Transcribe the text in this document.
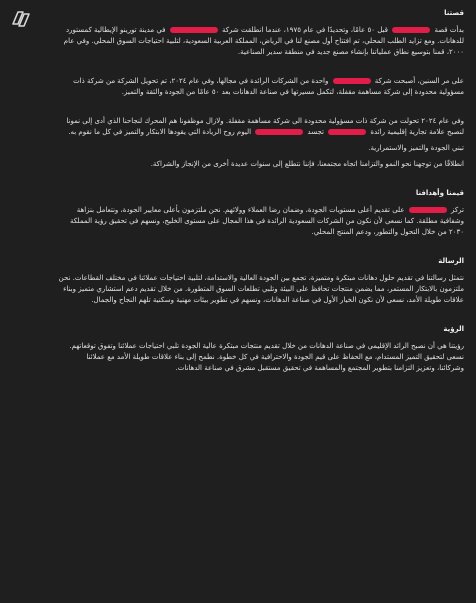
قصتنا
بدأت قصة  قبل ٥٠ عامًا، وتحديدًا في عام ١٩٧٥، عندما انطلقت شركة  في مدينة تورينو الإيطالية كمستورد للدهانات. ومع تزايد الطلب المحلي، تم افتتاح أول مصنع لنا في الرياض، المملكة العربية السعودية، لتلبية احتياجات السوق المحلي. وفي عام ٢٠٠٠، قمنا بتوسيع نطاق عملياتنا بإنشاء مصنع جديد في منطقة سدير الصناعية.
على مر السنين، أصبحت شركة  واحدة من الشركات الرائدة في مجالها، وفي عام ٢٠٢٤، تم تحويل الشركة من شركة ذات مسؤولية محدودة إلى شركة مساهمة مقفلة، لتكمل مسيرتها في صناعة الدهانات بعد ٥٠ عامًا من الجودة والثقة والتميز.
وفي عام ٢٠٢٤ تحولت من شركة ذات مسؤولية محدودة الى شركة مساهمة مقفلة. ولازال موظفونا هم المحرك لنجاحنا الذي أدى إلى نمونا لنصبح علامة تجارية إقليمية رائدة  تجسد  اليوم روح الريادة التي يقودها الابتكار والتميز في كل ما نقوم به.
تبني الجودة والتميز والاستمرارية.
انطلاقًا من توجهنا نحو النمو والتزامنا اتجاه مجتمعنا، فإننا نتطلع إلى سنوات عديدة أخرى من الإنجاز والشراكة.
قيمنا وأهدافنا
تركز  على تقديم أعلى مستويات الجودة، وضمان رضا العملاء وولائهم. نحن ملتزمون بأعلى معايير الجودة، ونتعامل بنزاهة وشفافية مطلقة. كما نسعى لأن نكون من الشركات السعودية الرائدة في هذا المجال على مستوى الخليج، ونسهم في تحقيق رؤية المملكة ٢٠٣٠ من خلال التحول والتطور، ودعم المنتج المحلي.
الرسالة
نتمثل رسالتنا في تقديم حلول دهانات مبتكرة ومتميزة، تجمع بين الجودة العالية والاستدامة، لتلبية احتياجات عملائنا في مختلف القطاعات. نحن ملتزمون بالابتكار المستمر، مما يضمن منتجات تحافظ على البيئة وتلبي تطلعات السوق المتطورة. من خلال تقديم دعم استشاري متميز وبناء علاقات طويلة الأمد، نسعى لأن نكون الخيار الأول في صناعة الدهانات، ونسهم في تطوير بيئات مهنية وسكنية تلهم النجاح والجمال.
الرؤية
رؤيتنا هي أن نصبح الرائد الإقليمي في صناعة الدهانات من خلال تقديم منتجات مبتكرة عالية الجودة تلبي احتياجات عملائنا وتفوق توقعاتهم. نسعى لتحقيق التميز المستدام، مع الحفاظ على قيم الجودة والاحترافية في كل خطوة. نطمح إلى بناء علاقات طويلة الأمد مع عملائنا وشركائنا، وتعزيز التزامنا بتطوير المجتمع والمساهمة في تحقيق مستقبل مشرق في صناعة الدهانات.
